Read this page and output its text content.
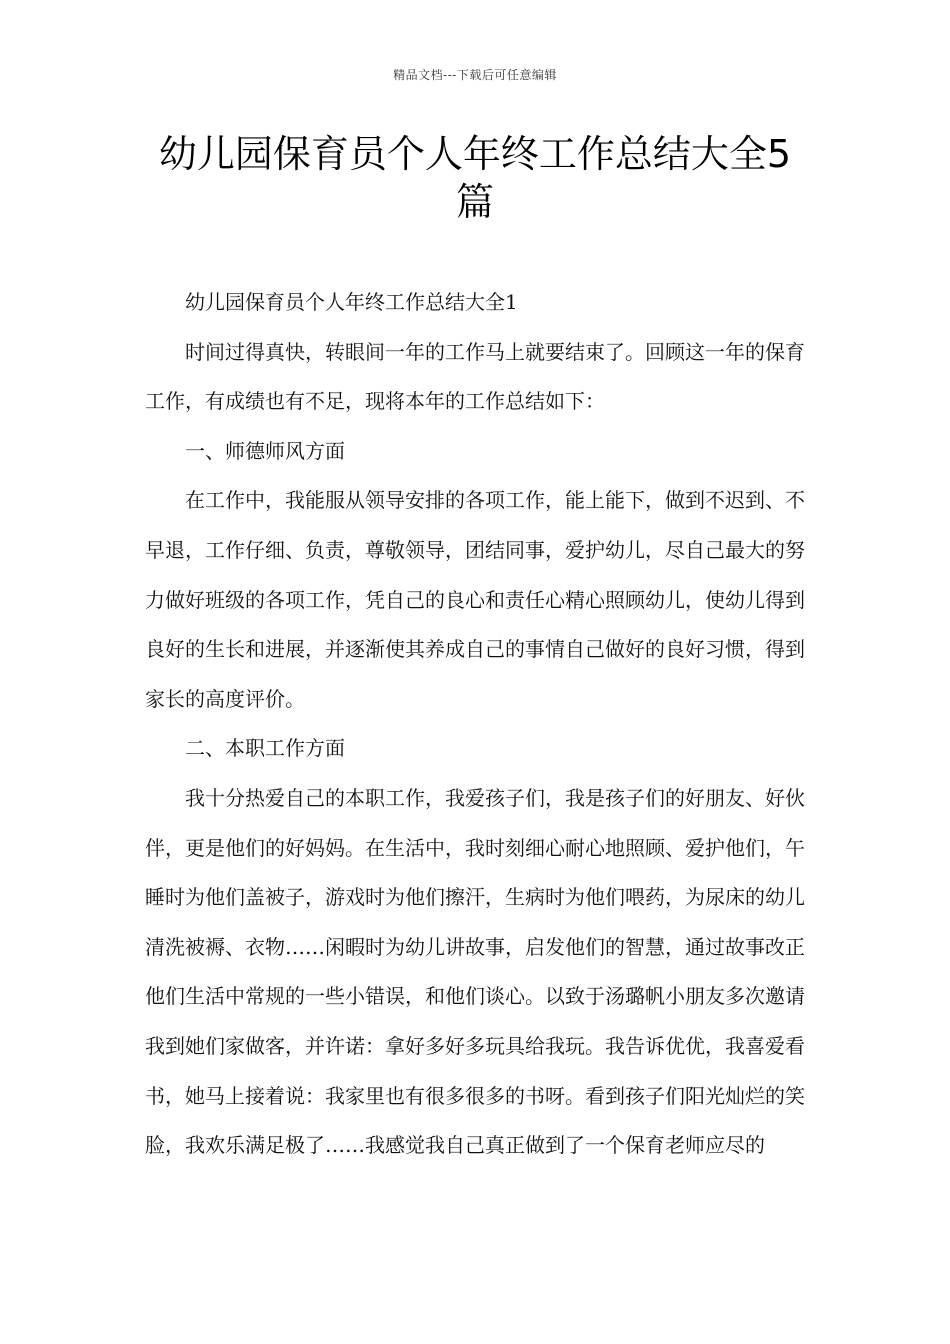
精品文档---下载后可任意编辑
幼儿园保育员个人年终工作总结大全5篇

幼儿园保育员个人年终工作总结大全1

时间过得真快，转眼间一年的工作马上就要结束了。回顾这一年的保育工作，有成绩也有不足，现将本年的工作总结如下：

一、师德师风方面

在工作中，我能服从领导安排的各项工作，能上能下，做到不迟到、不早退，工作仔细、负责，尊敬领导，团结同事，爱护幼儿，尽自己最大的努力做好班级的各项工作，凭自己的良心和责任心精心照顾幼儿，使幼儿得到良好的生长和进展，并逐渐使其养成自己的事情自己做好的良好习惯，得到家长的高度评价。

二、本职工作方面

我十分热爱自己的本职工作，我爱孩子们，我是孩子们的好朋友、好伙伴，更是他们的好妈妈。在生活中，我时刻细心耐心地照顾、爱护他们，午睡时为他们盖被子，游戏时为他们擦汗，生病时为他们喂药，为尿床的幼儿清洗被褥、衣物……闲暇时为幼儿讲故事，启发他们的智慧，通过故事改正他们生活中常规的一些小错误，和他们谈心。以致于汤璐帆小朋友多次邀请我到她们家做客，并许诺：拿好多好多玩具给我玩。我告诉优优，我喜爱看书，她马上接着说：我家里也有很多很多的书呀。看到孩子们阳光灿烂的笑脸，我欢乐满足极了……我感觉我自己真正做到了一个保育老师应尽的
